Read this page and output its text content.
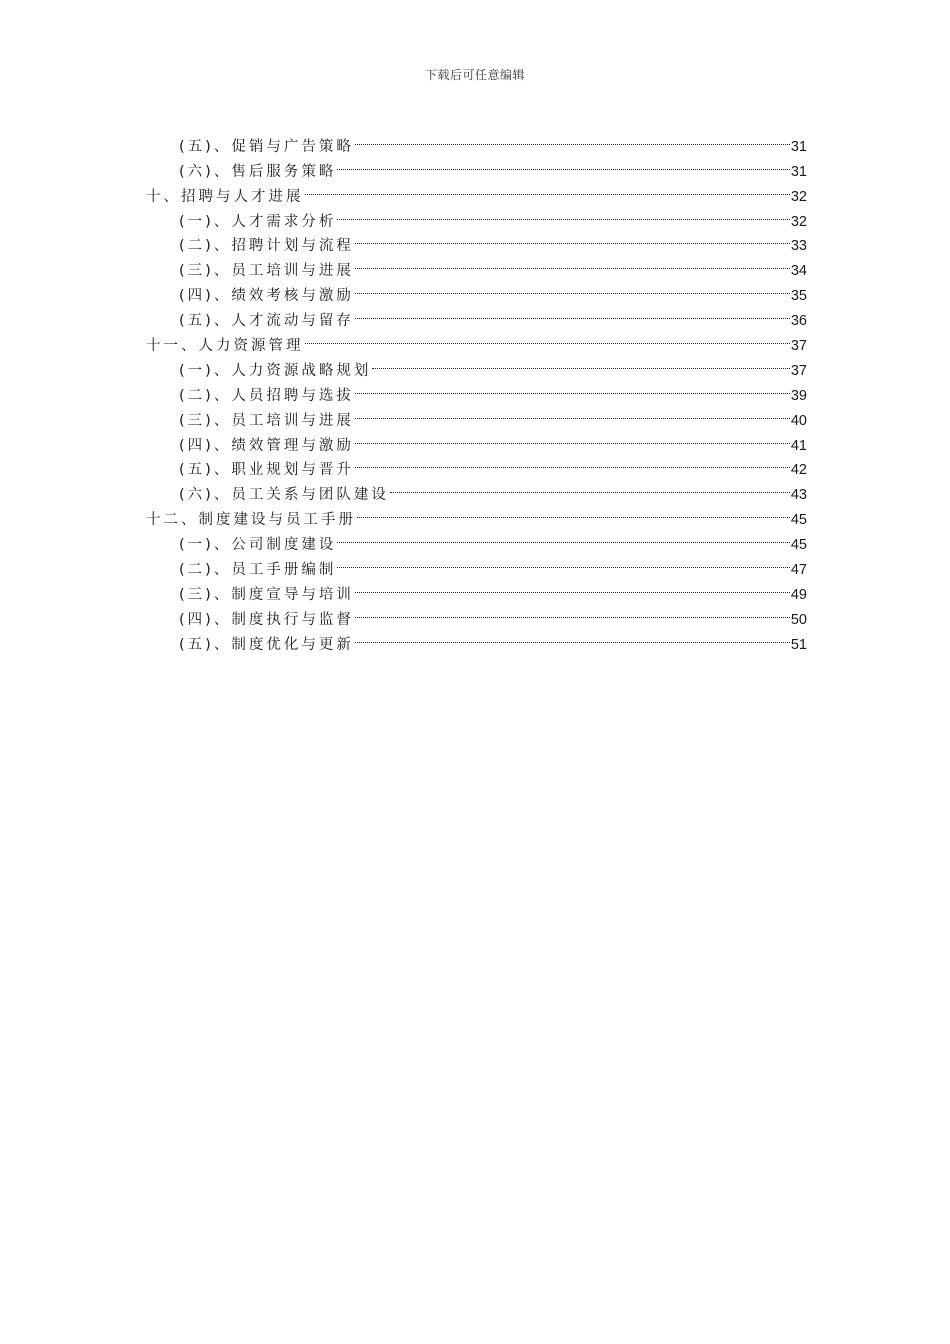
下载后可任意编辑
(五)、促销与广告策略	31
(六)、售后服务策略	31
十、招聘与人才进展	32
(一)、人才需求分析	32
(二)、招聘计划与流程	33
(三)、员工培训与进展	34
(四)、绩效考核与激励	35
(五)、人才流动与留存	36
十一、人力资源管理	37
(一)、人力资源战略规划	37
(二)、人员招聘与选拔	39
(三)、员工培训与进展	40
(四)、绩效管理与激励	41
(五)、职业规划与晋升	42
(六)、员工关系与团队建设	43
十二、制度建设与员工手册	45
(一)、公司制度建设	45
(二)、员工手册编制	47
(三)、制度宣导与培训	49
(四)、制度执行与监督	50
(五)、制度优化与更新	51
